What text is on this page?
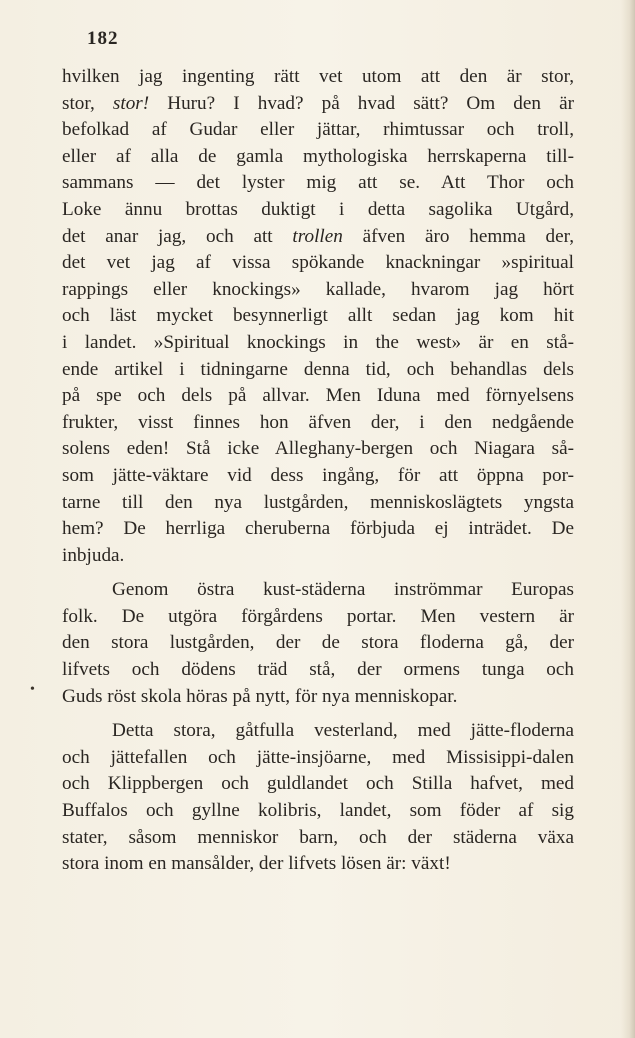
182
•
hvilken jag ingenting rätt vet utom att den är stor,
stor, stor! Huru? I hvad? på hvad sätt? Om den är
befolkad af Gudar eller jättar, rhimtussar och troll,
eller af alla de gamla mythologiska herrskaperna till-
sammans — det lyster mig att se. Att Thor och
Loke ännu brottas duktigt i detta sagolika Utgård,
det anar jag, och att trollen äfven äro hemma der,
det vet jag af vissa spökande knackningar »spiritual
rappings eller knockings» kallade, hvarom jag hört
och läst mycket besynnerligt allt sedan jag kom hit
i landet. »Spiritual knockings in the west» är en stå-
ende artikel i tidningarne denna tid, och behandlas dels
på spe och dels på allvar. Men Iduna med förnyelsens
frukter, visst finnes hon äfven der, i den nedgående
solens eden! Stå icke Alleghany-bergen och Niagara så-
som jätte-väktare vid dess ingång, för att öppna por-
tarne till den nya lustgården, menniskoslägtets yngsta
hem? De herrliga cheruberna förbjuda ej inträdet. De
inbjuda.
Genom östra kust-städerna inströmmar Europas
folk. De utgöra förgårdens portar. Men vestern är
den stora lustgården, der de stora floderna gå, der
lifvets och dödens träd stå, der ormens tunga och
Guds röst skola höras på nytt, för nya menniskopar.
Detta stora, gåtfulla vesterland, med jätte-floderna
och jättefallen och jätte-insjöarne, med Missisippi-dalen
och Klippbergen och guldlandet och Stilla hafvet, med
Buffalos och gyllne kolibris, landet, som föder af sig
stater, såsom menniskor barn, och der städerna växa
stora inom en mansålder, der lifvets lösen är: växt!
